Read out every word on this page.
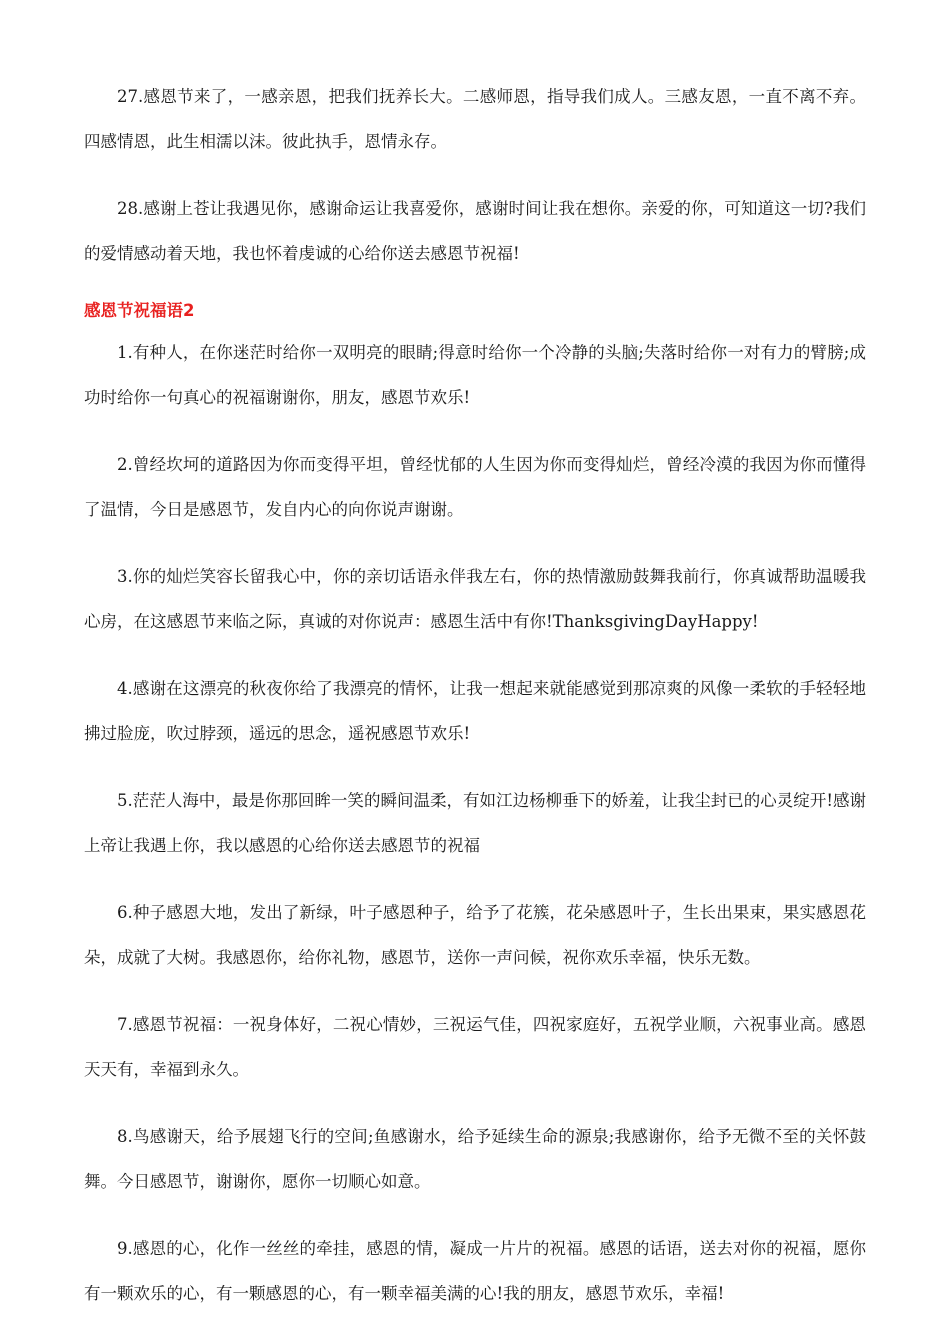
27.感恩节来了，一感亲恩，把我们抚养长大。二感师恩，指导我们成人。三感友恩，一直不离不弃。四感情恩，此生相濡以沫。彼此执手，恩情永存。

28.感谢上苍让我遇见你，感谢命运让我喜爱你，感谢时间让我在想你。亲爱的你，可知道这一切?我们的爱情感动着天地，我也怀着虔诚的心给你送去感恩节祝福!

感恩节祝福语2

1.有种人，在你迷茫时给你一双明亮的眼睛;得意时给你一个冷静的头脑;失落时给你一对有力的臂膀;成功时给你一句真心的祝福谢谢你，朋友，感恩节欢乐!

2.曾经坎坷的道路因为你而变得平坦，曾经忧郁的人生因为你而变得灿烂，曾经冷漠的我因为你而懂得了温情，今日是感恩节，发自内心的向你说声谢谢。

3.你的灿烂笑容长留我心中，你的亲切话语永伴我左右，你的热情激励鼓舞我前行，你真诚帮助温暖我心房，在这感恩节来临之际，真诚的对你说声：感恩生活中有你!ThanksgivingDayHappy!

4.感谢在这漂亮的秋夜你给了我漂亮的情怀，让我一想起来就能感觉到那凉爽的风像一柔软的手轻轻地拂过脸庞，吹过脖颈，遥远的思念，遥祝感恩节欢乐!

5.茫茫人海中，最是你那回眸一笑的瞬间温柔，有如江边杨柳垂下的娇羞，让我尘封已的心灵绽开!感谢上帝让我遇上你，我以感恩的心给你送去感恩节的祝福

6.种子感恩大地，发出了新绿，叶子感恩种子，给予了花簇，花朵感恩叶子，生长出果束，果实感恩花朵，成就了大树。我感恩你，给你礼物，感恩节，送你一声问候，祝你欢乐幸福，快乐无数。

7.感恩节祝福：一祝身体好，二祝心情妙，三祝运气佳，四祝家庭好，五祝学业顺，六祝事业高。感恩天天有，幸福到永久。

8.鸟感谢天，给予展翅飞行的空间;鱼感谢水，给予延续生命的源泉;我感谢你，给予无微不至的关怀鼓舞。今日感恩节，谢谢你，愿你一切顺心如意。

9.感恩的心，化作一丝丝的牵挂，感恩的情，凝成一片片的祝福。感恩的话语，送去对你的祝福，愿你有一颗欢乐的心，有一颗感恩的心，有一颗幸福美满的心!我的朋友，感恩节欢乐，幸福!
